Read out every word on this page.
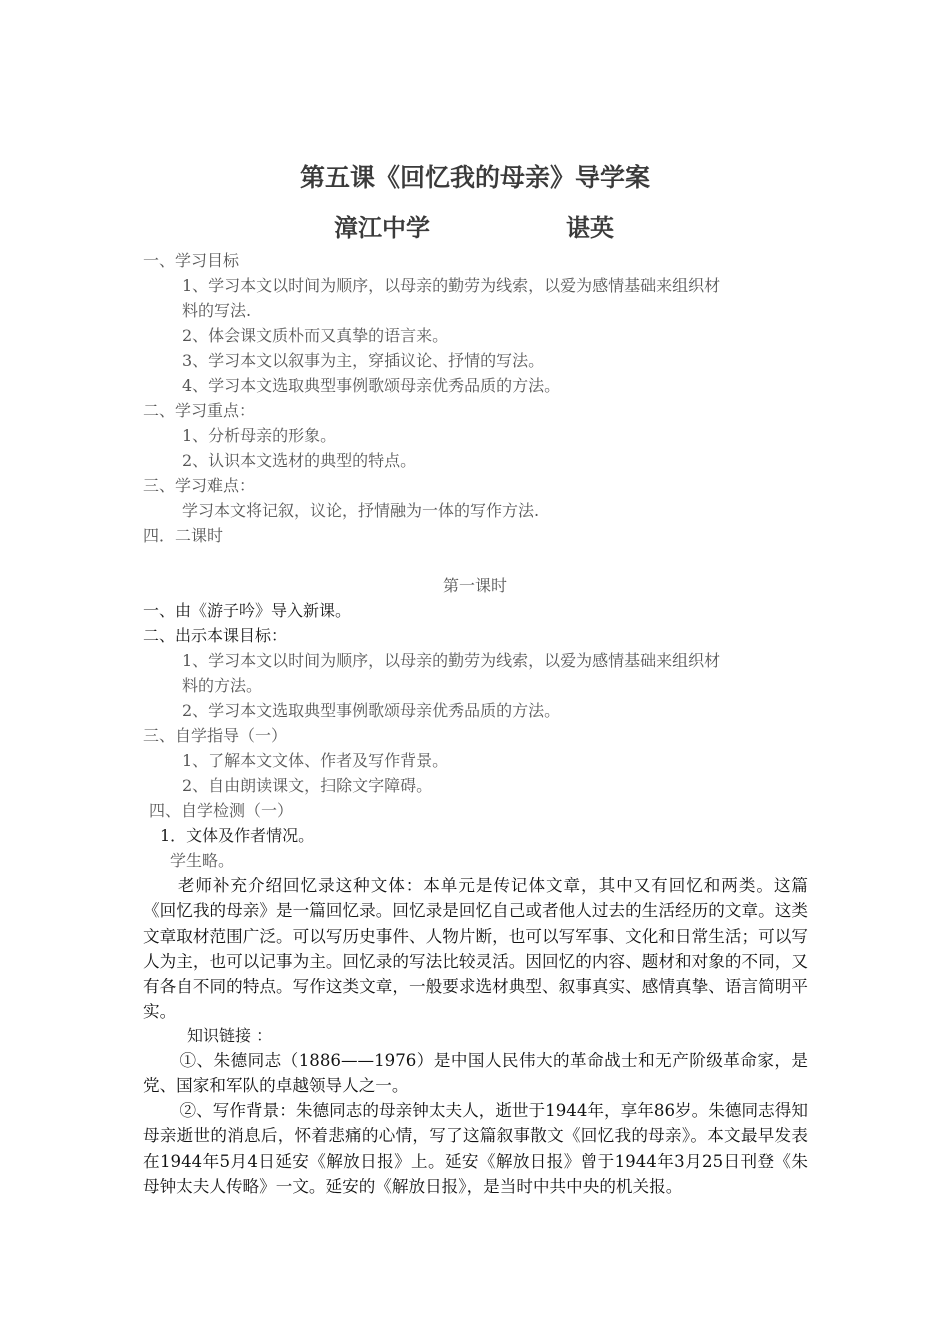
第五课《回忆我的母亲》导学案
漳江中学	谌英
一、学习目标
1、学习本文以时间为顺序，以母亲的勤劳为线索，以爱为感情基础来组织材
料的写法.
2、体会课文质朴而又真挚的语言来。
3、学习本文以叙事为主，穿插议论、抒情的写法。
4、学习本文选取典型事例歌颂母亲优秀品质的方法。
二、学习重点：
1、分析母亲的形象。
2、认识本文选材的典型的特点。
三、学习难点：
学习本文将记叙，议论，抒情融为一体的写作方法.
四．二课时
第一课时
一、由《游子吟》导入新课。
二、出示本课目标：
1、学习本文以时间为顺序，以母亲的勤劳为线索，以爱为感情基础来组织材
料的方法。
2、学习本文选取典型事例歌颂母亲优秀品质的方法。
三、自学指导（一）
1、了解本文文体、作者及写作背景。
2、自由朗读课文，扫除文字障碍。
四、自学检测（一）
1．文体及作者情况。
学生略。
老师补充介绍回忆录这种文体：本单元是传记体文章，其中又有回忆和两类。这篇《回忆我的母亲》是一篇回忆录。回忆录是回忆自己或者他人过去的生活经历的文章。这类文章取材范围广泛。可以写历史事件、人物片断，也可以写军事、文化和日常生活；可以写人为主，也可以记事为主。回忆录的写法比较灵活。因回忆的内容、题材和对象的不同，又有各自不同的特点。写作这类文章，一般要求选材典型、叙事真实、感情真挚、语言简明平实。
知识链接 ：
①、朱德同志（1886——1976）是中国人民伟大的革命战士和无产阶级革命家，是党、国家和军队的卓越领导人之一。
②、写作背景：朱德同志的母亲钟太夫人，逝世于1944年，享年86岁。朱德同志得知母亲逝世的消息后，怀着悲痛的心情，写了这篇叙事散文《回忆我的母亲》。本文最早发表在1944年5月4日延安《解放日报》上。延安《解放日报》曾于1944年3月25日刊登《朱母钟太夫人传略》一文。延安的《解放日报》，是当时中共中央的机关报。
